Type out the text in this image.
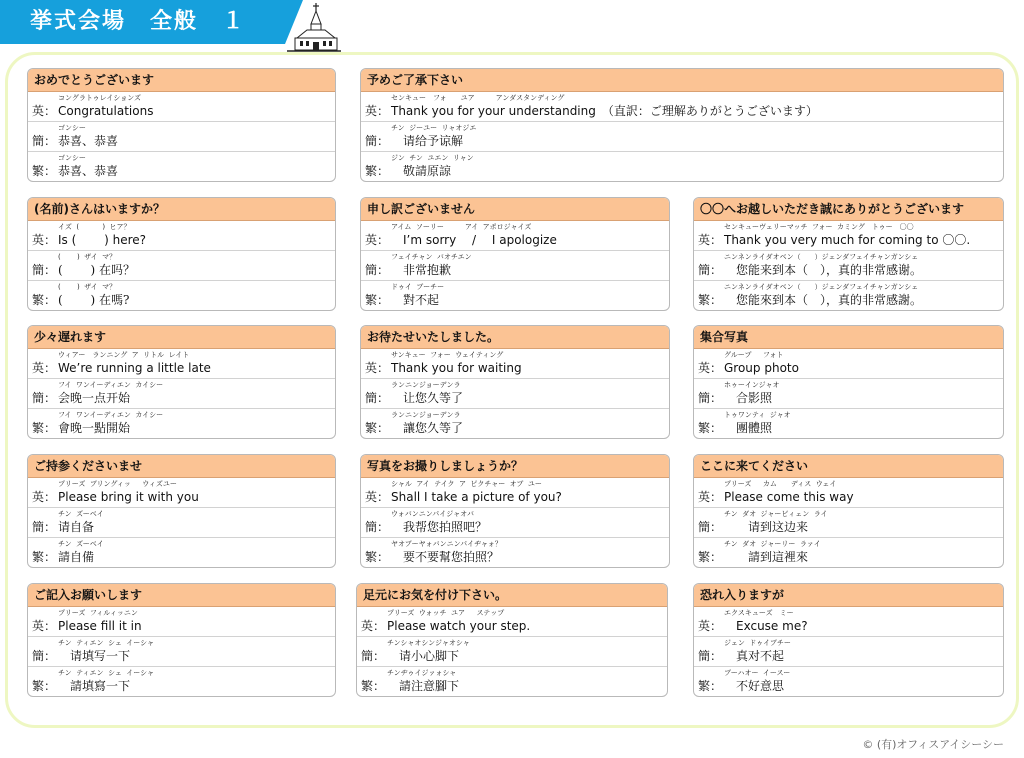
挙式会場　全般　１
おめでとうございます
コングラトゥレイションズ
英： Congratulations
ゴンシー
簡： 恭喜、恭喜
ゴンシー
繁： 恭喜、恭喜
予めご了承下さい
センキュー　フォ　　ユア　　　アンダスタンディング
英： Thank you for your understanding　（直訳：ご理解ありがとうございます）
チン  ジーユー  リャオジエ
簡： 　请给予谅解
ジン  チン  ユエン  リャン
繁： 　敬請原諒
(名前)さんはいますか？
イズ  (　　　 )  ヒア？
英： Is (　　 ) here?
(　　 )  ザイ  マ？
簡： (　　 ) 在吗？
(　　 )  ザイ  マ？
繁： (　　 ) 在嗎?
申し訳ございません
アイム  ソーリー　　　アイ  アポロジャイズ
英： 　I’m sorry　 /　 I apologize
フェイチャン  バオチエン
簡： 　非常抱歉
ドゥイ  ブーチー
繁： 　對不起
〇〇へお越しいただき誠にありがとうございます
センキューヴェリーマッチ  フォー  カミング　トゥー　〇〇
英： Thank you very much for coming to 〇〇.
ニンネンライダオベン（　　）ジェンダフェイチャンガンシェ
簡： 　您能来到本（　），真的非常感谢。
ニンネンライダオベン（　　）ジェンダフェイチャンガンシェ
繁： 　您能來到本（　），真的非常感謝。
少々遅れます
ウィアー　ランニング  ア  リトル  レイト
英： We’re running a little late
フイ  ワンイーディエン  カイシー
簡： 会晚一点开始
フイ  ワンイーディエン  カイシー
繁： 會晚一點開始
お待たせいたしました。
サンキュー  フォー  ウェイティング
英： Thank you for waiting
ランニンジョーデンラ
簡： 　让您久等了
ランニンジョーデンラ
繁： 　讓您久等了
集合写真
グループ　  フォト
英： Group photo
ホゥーインジャオ
簡： 　合影照
トゥワンティ  ジャオ
繁： 　團體照
ご持参くださいませ
プリーズ  ブリングィッ　  ウィズユー
英： Please bring it with you
チン  ズーベイ
簡： 请自备
チン  ズーベイ
繁： 請自備
写真をお撮りしましょうか？
シャル  アイ  テイク  ア  ピクチャー  オブ  ユー
英： Shall I take a picture of you?
ウォバンニンパイジャオバ
簡： 　我帮您拍照吧？
ヤオブーヤォバンニンパイヂャォ？
繁： 　要不要幫您拍照？
ここに来てください
プリーズ　  カム　　ディス  ウェイ
英： Please come this way
チン  ダオ  ジャービィェン  ライ
簡： 　　请到这边来
チン  ダオ  ジャーリー  ラァイ
繁： 　　請到這裡來
ご記入お願いします
プリーズ  フィルィッニン
英： Please fill it in
チン  ティエン  シェ  イーシャ
簡： 　请填写一下
チン  ティエン  シェ  イーシャ
繁： 　請填寫一下
足元にお気を付け下さい。
プリーズ  ウォッチ  ユア　  ステップ
英： Please watch your step.
チンシャオシンジャオシャ
簡： 　请小心脚下
チンヂゥイジァォシャ
繁： 　請注意腳下
恐れ入りますが
エクスキューズ　ミー
英： 　Excuse me?
ジェン  ドゥイブチー
簡： 　真对不起
ブーハオー  イースー
繁： 　不好意思
© (有)オフィスアイシーシー
